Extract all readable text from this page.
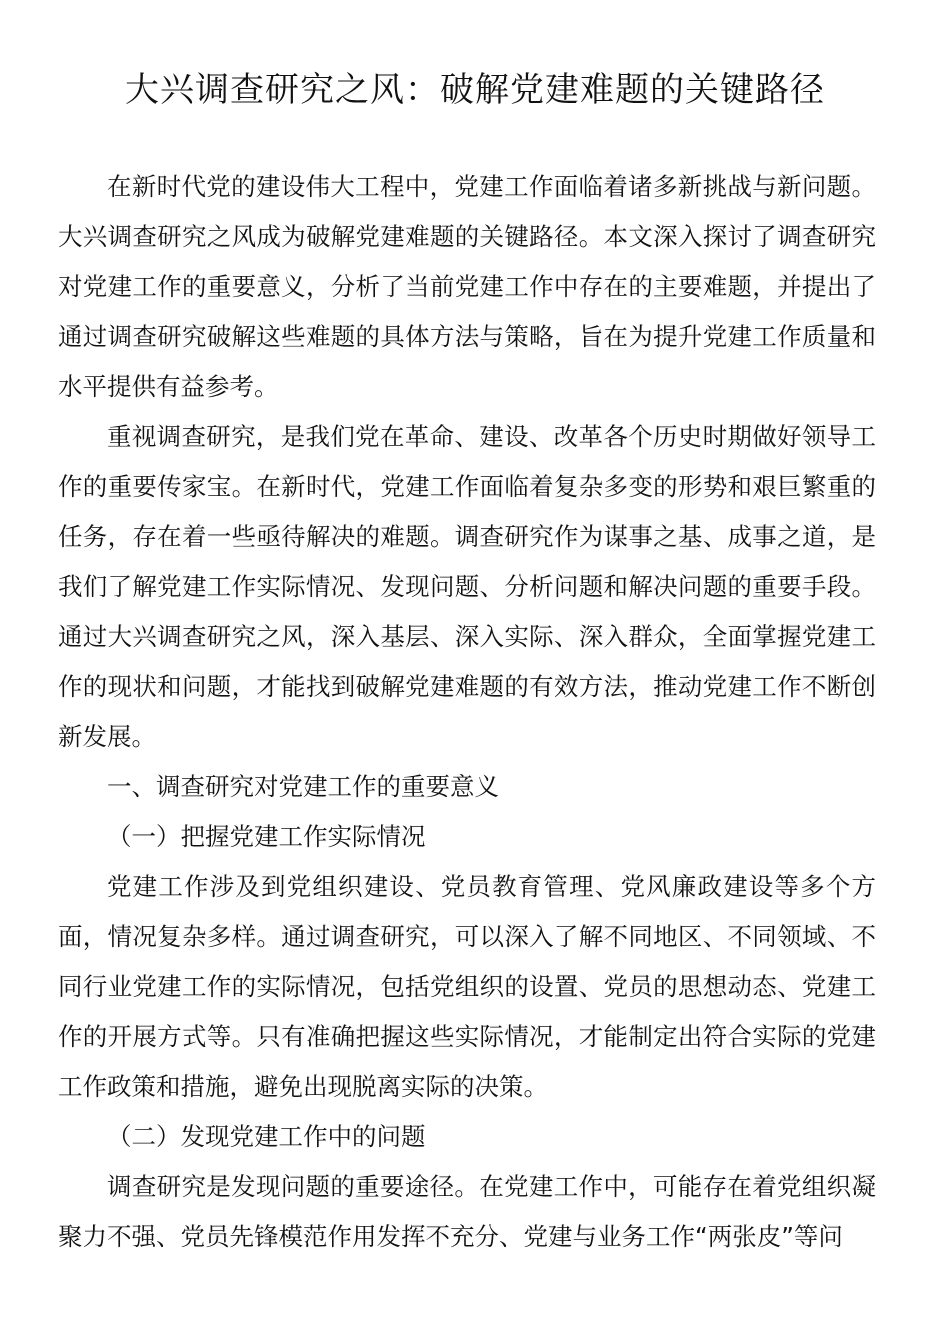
大兴调查研究之风：破解党建难题的关键路径

在新时代党的建设伟大工程中，党建工作面临着诸多新挑战与新问题。大兴调查研究之风成为破解党建难题的关键路径。本文深入探讨了调查研究对党建工作的重要意义，分析了当前党建工作中存在的主要难题，并提出了通过调查研究破解这些难题的具体方法与策略，旨在为提升党建工作质量和水平提供有益参考。

重视调查研究，是我们党在革命、建设、改革各个历史时期做好领导工作的重要传家宝。在新时代，党建工作面临着复杂多变的形势和艰巨繁重的任务，存在着一些亟待解决的难题。调查研究作为谋事之基、成事之道，是我们了解党建工作实际情况、发现问题、分析问题和解决问题的重要手段。通过大兴调查研究之风，深入基层、深入实际、深入群众，全面掌握党建工作的现状和问题，才能找到破解党建难题的有效方法，推动党建工作不断创新发展。

一、调查研究对党建工作的重要意义

（一）把握党建工作实际情况

党建工作涉及到党组织建设、党员教育管理、党风廉政建设等多个方面，情况复杂多样。通过调查研究，可以深入了解不同地区、不同领域、不同行业党建工作的实际情况，包括党组织的设置、党员的思想动态、党建工作的开展方式等。只有准确把握这些实际情况，才能制定出符合实际的党建工作政策和措施，避免出现脱离实际的决策。

（二）发现党建工作中的问题

调查研究是发现问题的重要途径。在党建工作中，可能存在着党组织凝聚力不强、党员先锋模范作用发挥不充分、党建与业务工作“两张皮”等问
